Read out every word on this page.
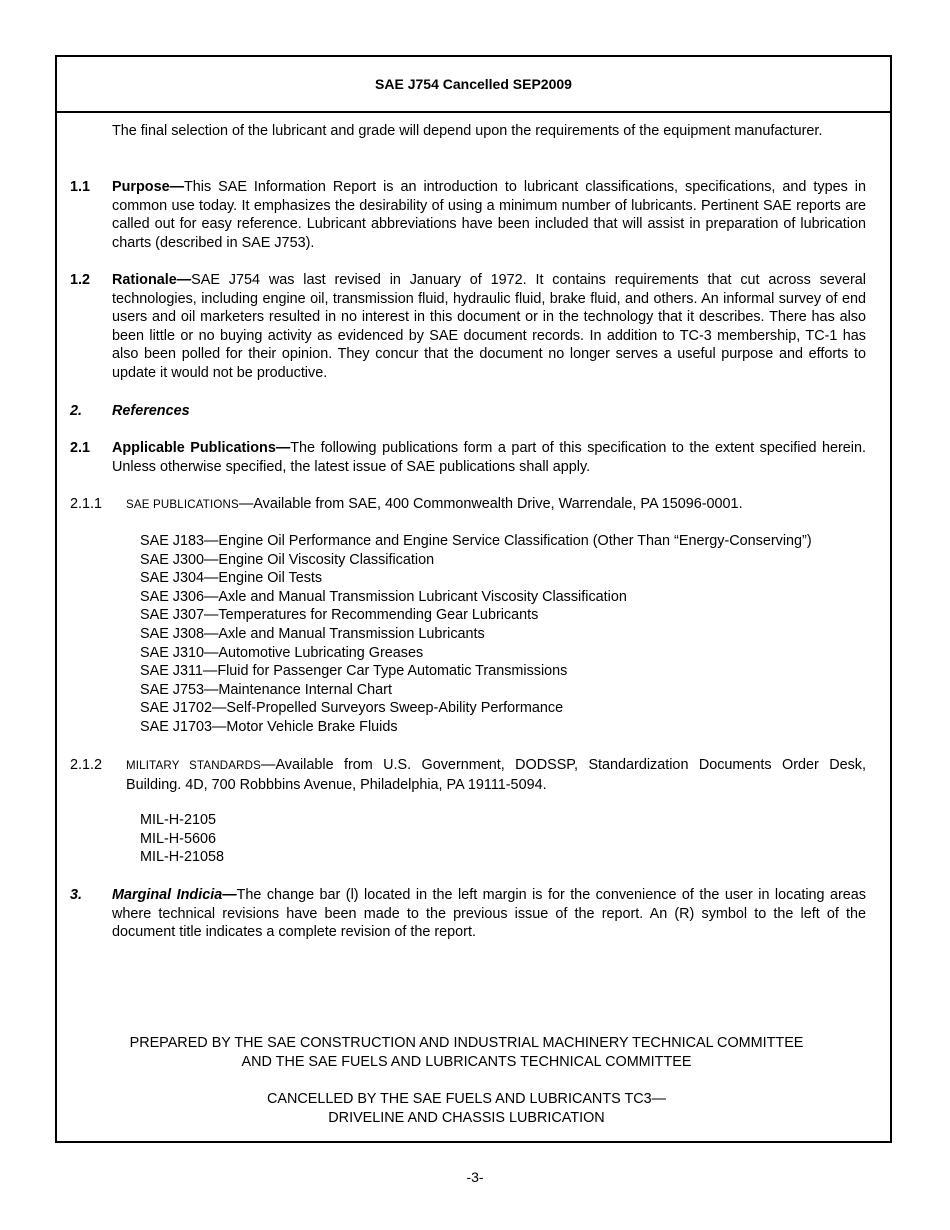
SAE J754 Cancelled SEP2009
The final selection of the lubricant and grade will depend upon the requirements of the equipment manufacturer.
1.1 Purpose—This SAE Information Report is an introduction to lubricant classifications, specifications, and types in common use today. It emphasizes the desirability of using a minimum number of lubricants. Pertinent SAE reports are called out for easy reference. Lubricant abbreviations have been included that will assist in preparation of lubrication charts (described in SAE J753).
1.2 Rationale—SAE J754 was last revised in January of 1972. It contains requirements that cut across several technologies, including engine oil, transmission fluid, hydraulic fluid, brake fluid, and others. An informal survey of end users and oil marketers resulted in no interest in this document or in the technology that it describes. There has also been little or no buying activity as evidenced by SAE document records. In addition to TC-3 membership, TC-1 has also been polled for their opinion. They concur that the document no longer serves a useful purpose and efforts to update it would not be productive.
2. References
2.1 Applicable Publications—The following publications form a part of this specification to the extent specified herein. Unless otherwise specified, the latest issue of SAE publications shall apply.
2.1.1 SAE PUBLICATIONS—Available from SAE, 400 Commonwealth Drive, Warrendale, PA 15096-0001.
SAE J183—Engine Oil Performance and Engine Service Classification (Other Than “Energy-Conserving”)
SAE J300—Engine Oil Viscosity Classification
SAE J304—Engine Oil Tests
SAE J306—Axle and Manual Transmission Lubricant Viscosity Classification
SAE J307—Temperatures for Recommending Gear Lubricants
SAE J308—Axle and Manual Transmission Lubricants
SAE J310—Automotive Lubricating Greases
SAE J311—Fluid for Passenger Car Type Automatic Transmissions
SAE J753—Maintenance Internal Chart
SAE J1702—Self-Propelled Surveyors Sweep-Ability Performance
SAE J1703—Motor Vehicle Brake Fluids
2.1.2 MILITARY STANDARDS—Available from U.S. Government, DODSSP, Standardization Documents Order Desk, Building. 4D, 700 Robbbins Avenue, Philadelphia, PA 19111-5094.
MIL-H-2105
MIL-H-5606
MIL-H-21058
3. Marginal Indicia—The change bar (l) located in the left margin is for the convenience of the user in locating areas where technical revisions have been made to the previous issue of the report. An (R) symbol to the left of the document title indicates a complete revision of the report.
PREPARED BY THE SAE CONSTRUCTION AND INDUSTRIAL MACHINERY TECHNICAL COMMITTEE
AND THE SAE FUELS AND LUBRICANTS TECHNICAL COMMITTEE
CANCELLED BY THE SAE FUELS AND LUBRICANTS TC3—
DRIVELINE AND CHASSIS LUBRICATION
-3-
